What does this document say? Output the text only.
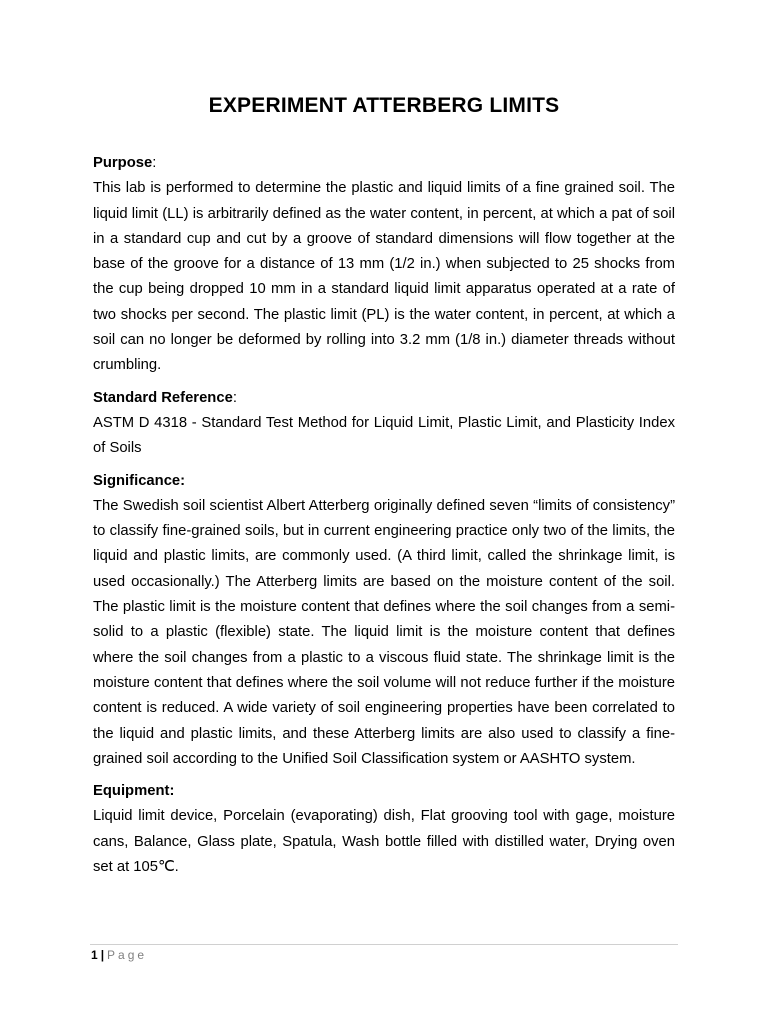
EXPERIMENT ATTERBERG LIMITS
Purpose:
This lab is performed to determine the plastic and liquid limits of a fine grained soil. The liquid limit (LL) is arbitrarily defined as the water content, in percent, at which a pat of soil in a standard cup and cut by a groove of standard dimensions will flow together at the base of the groove for a distance of 13 mm (1/2 in.) when subjected to 25 shocks from the cup being dropped 10 mm in a standard liquid limit apparatus operated at a rate of two shocks per second. The plastic limit (PL) is the water content, in percent, at which a soil can no longer be deformed by rolling into 3.2 mm (1/8 in.) diameter threads without crumbling.
Standard Reference:
ASTM D 4318 - Standard Test Method for Liquid Limit, Plastic Limit, and Plasticity Index of Soils
Significance:
The Swedish soil scientist Albert Atterberg originally defined seven “limits of consistency” to classify fine-grained soils, but in current engineering practice only two of the limits, the liquid and plastic limits, are commonly used. (A third limit, called the shrinkage limit, is used occasionally.) The Atterberg limits are based on the moisture content of the soil. The plastic limit is the moisture content that defines where the soil changes from a semi-solid to a plastic (flexible) state. The liquid limit is the moisture content that defines where the soil changes from a plastic to a viscous fluid state. The shrinkage limit is the moisture content that defines where the soil volume will not reduce further if the moisture content is reduced. A wide variety of soil engineering properties have been correlated to the liquid and plastic limits, and these Atterberg limits are also used to classify a fine-grained soil according to the Unified Soil Classification system or AASHTO system.
Equipment:
Liquid limit device, Porcelain (evaporating) dish, Flat grooving tool with gage, moisture cans, Balance, Glass plate, Spatula, Wash bottle filled with distilled water, Drying oven set at 105℃.
1 | Page
